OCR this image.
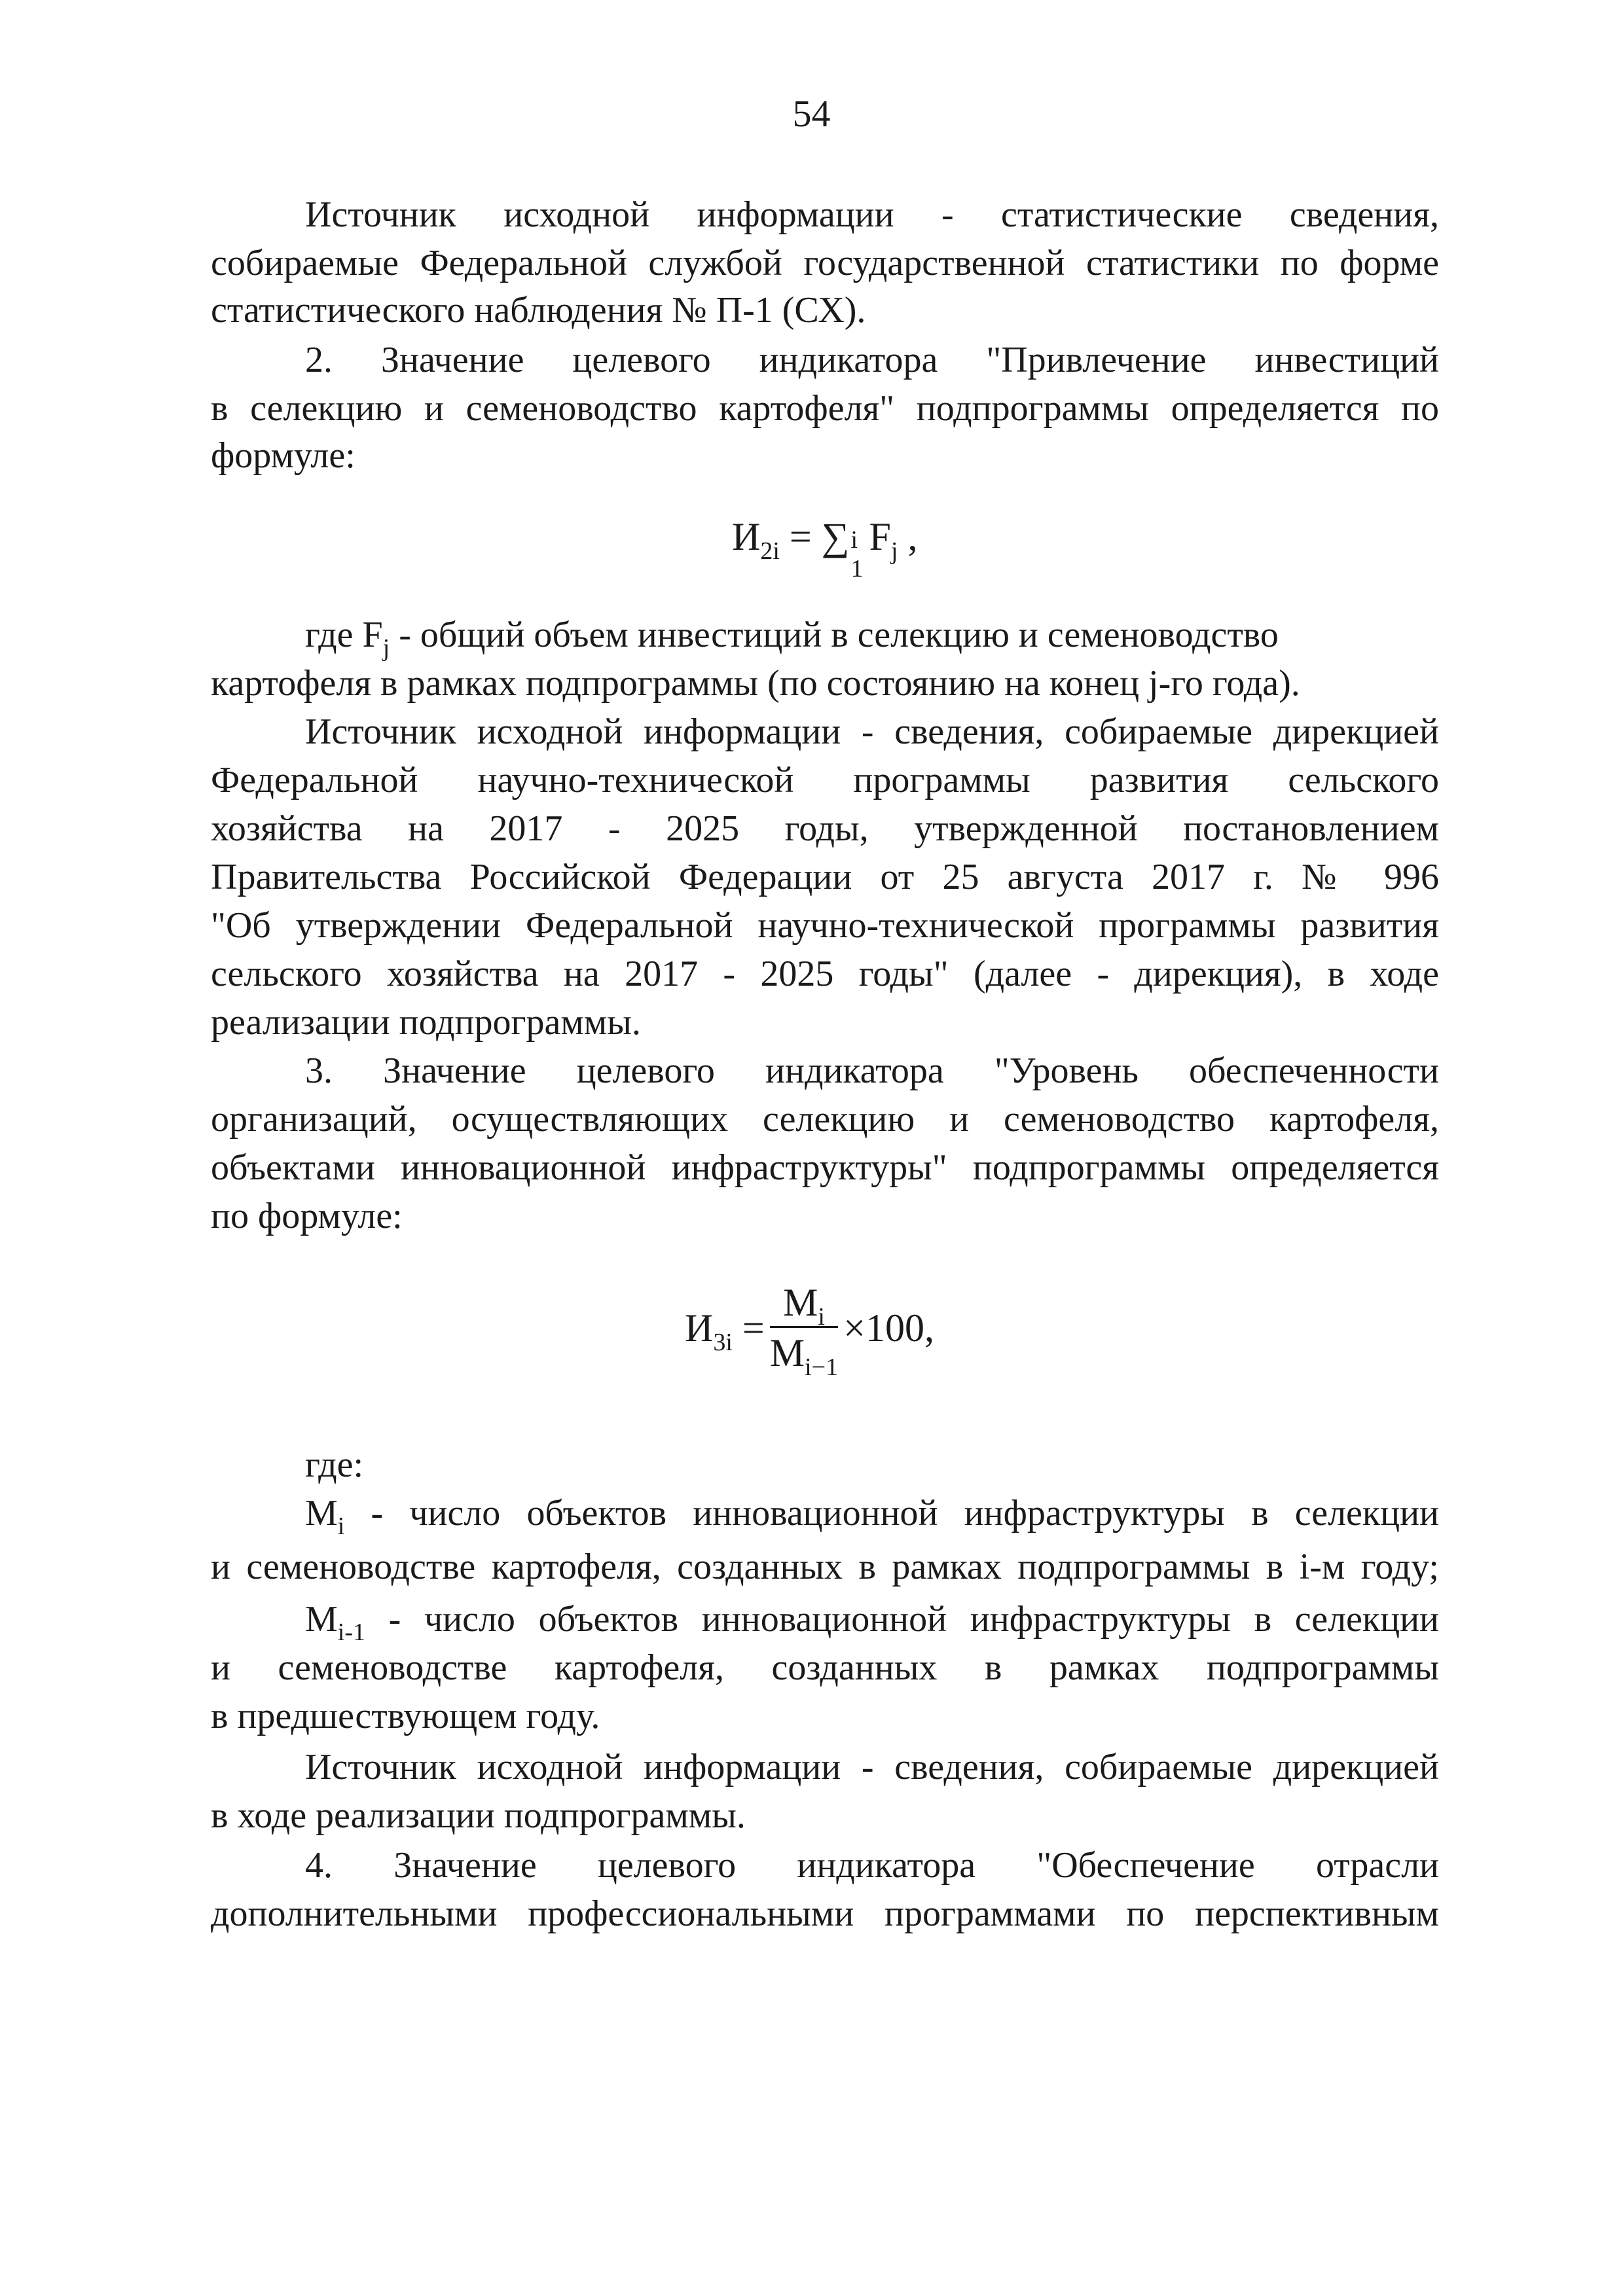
54
Источник исходной информации - статистические сведения,
собираемые Федеральной службой государственной статистики по форме
статистического наблюдения № П-1 (СХ).
2. Значение целевого индикатора "Привлечение инвестиций
в селекцию и семеноводство картофеля" подпрограммы определяется по
формуле:
$И_{2i}$ = ∑ i
1
$F_j$ ,
где $F_j$ - общий объем инвестиций в селекцию и семеноводство
картофеля в рамках подпрограммы (по состоянию на конец j-го года).
Источник исходной информации - сведения, собираемые дирекцией
Федеральной научно-технической программы развития сельского
хозяйства на 2017 - 2025 годы, утвержденной постановлением
Правительства Российской Федерации от 25 августа 2017 г. № 996
"Об утверждении Федеральной научно-технической программы развития
сельского хозяйства на 2017 - 2025 годы" (далее - дирекция), в ходе
реализации подпрограммы.
3. Значение целевого индикатора "Уровень обеспеченности
организаций, осуществляющих селекцию и семеноводство картофеля,
объектами инновационной инфраструктуры" подпрограммы определяется
по формуле:
$И_{3i} = \frac{M_i}{M_{i-1}} \times 100$,
где:
$M_i$ - число объектов инновационной инфраструктуры в селекции
и семеноводстве картофеля, созданных в рамках подпрограммы в i-м году;
$M_{i-1}$ - число объектов инновационной инфраструктуры в селекции
и семеноводстве картофеля, созданных в рамках подпрограммы
в предшествующем году.
Источник исходной информации - сведения, собираемые дирекцией
в ходе реализации подпрограммы.
4. Значение целевого индикатора "Обеспечение отрасли
дополнительными профессиональными программами по перспективным
